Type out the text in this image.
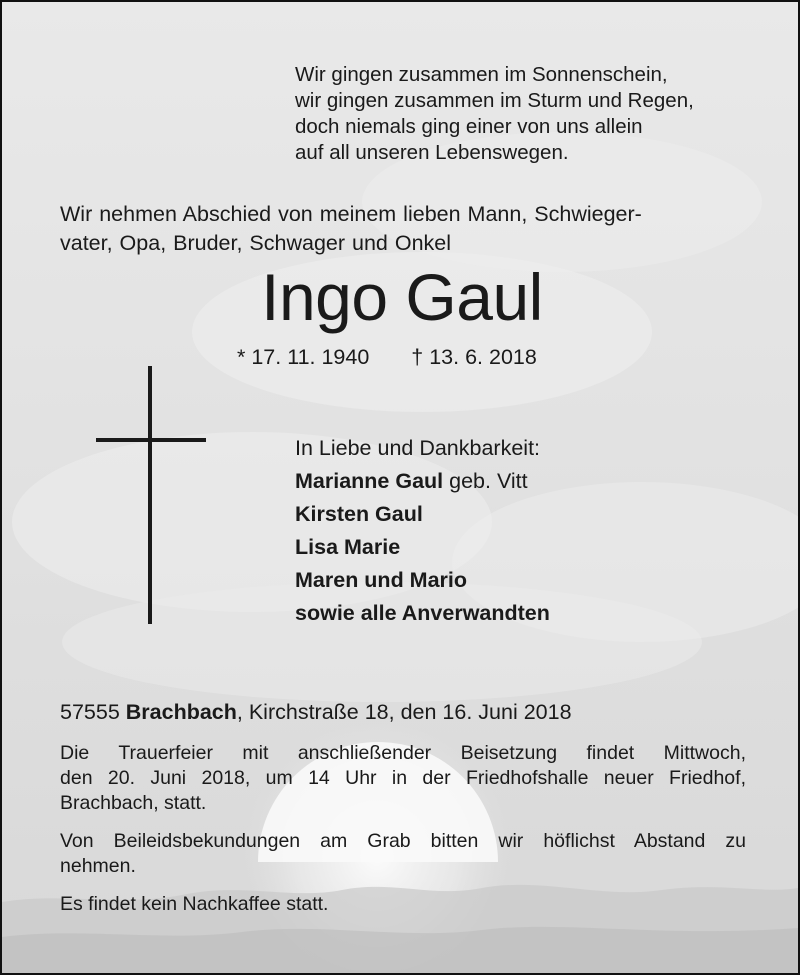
Wir gingen zusammen im Sonnenschein,
wir gingen zusammen im Sturm und Regen,
doch niemals ging einer von uns allein
auf all unseren Lebenswegen.
Wir nehmen Abschied von meinem lieben Mann, Schwieger-
vater, Opa, Bruder, Schwager und Onkel
Ingo Gaul
* 17. 11. 1940 † 13. 6. 2018
In Liebe und Dankbarkeit:
Marianne Gaul geb. Vitt
Kirsten Gaul
Lisa Marie
Maren und Mario
sowie alle Anverwandten
57555 Brachbach, Kirchstraße 18, den 16. Juni 2018
Die Trauerfeier mit anschließender Beisetzung findet Mittwoch,
den 20. Juni 2018, um 14 Uhr in der Friedhofshalle neuer Friedhof,
Brachbach, statt.
Von Beileidsbekundungen am Grab bitten wir höflichst Abstand zu
nehmen.
Es findet kein Nachkaffee statt.
